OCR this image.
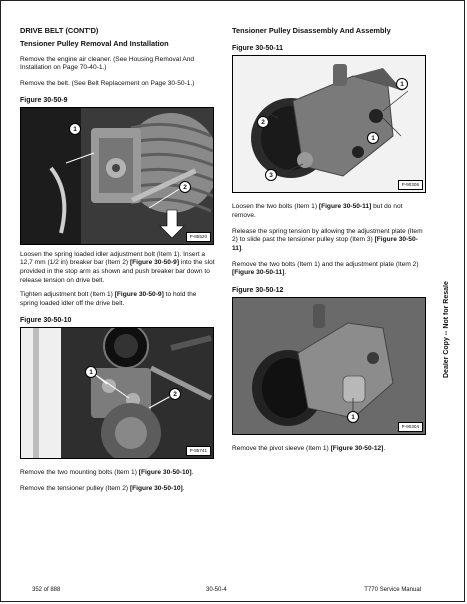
DRIVE BELT (CONT'D)

Tensioner Pulley Removal And Installation

Remove the engine air cleaner. (See Housing Removal And Installation on Page 70-40-1.)

Remove the belt. (See Belt Replacement on Page 30-50-1.)

Figure 30-50-9

1
2
P-85520

Loosen the spring loaded idler adjustment bolt (Item 1). Insert a 12,7 mm (1/2 in) breaker bar (Item 2) [Figure 30-50-9] into the slot provided in the stop arm as shown and push breaker bar down to release tension on drive belt.

Tighten adjustment bolt (Item 1) [Figure 30-50-9] to hold the spring loaded idler off the drive belt.

Figure 30-50-10

1
2
P-85741

Remove the two mounting bolts (Item 1) [Figure 30-50-10].

Remove the tensioner pulley (Item 2) [Figure 30-50-10].

Tensioner Pulley Disassembly And Assembly

Figure 30-50-11

1
2
1
3
P-90306

Loosen the two bolts (Item 1) [Figure 30-50-11] but do not remove.

Release the spring tension by allowing the adjustment plate (Item 2) to slide past the tensioner pulley stop (Item 3) [Figure 30-50-11].

Remove the two bolts (Item 1) and the adjustment plate (Item 2) [Figure 30-50-11].

Figure 30-50-12

1
P-90304

Remove the pivot sleeve (Item 1) [Figure 30-50-12].

Dealer Copy -- Not for Resale
352 of 888	30-50-4	T770 Service Manual
